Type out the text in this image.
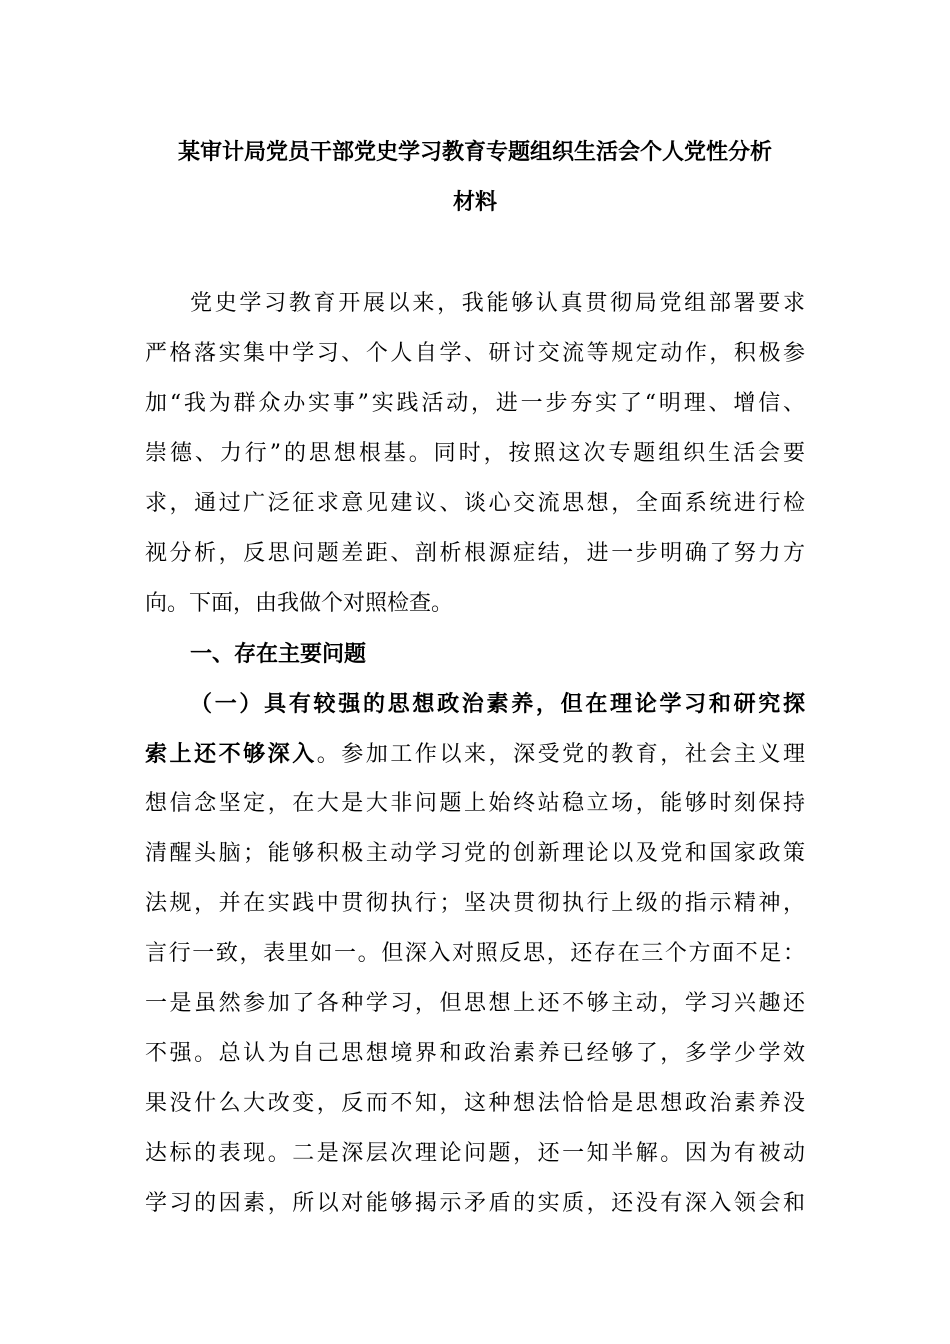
某审计局党员干部党史学习教育专题组织生活会个人党性分析
材料
党史学习教育开展以来，我能够认真贯彻局党组部署要求
严格落实集中学习、个人自学、研讨交流等规定动作，积极参
加“我为群众办实事”实践活动，进一步夯实了“明理、增信、
崇德、力行”的思想根基。同时，按照这次专题组织生活会要
求，通过广泛征求意见建议、谈心交流思想，全面系统进行检
视分析，反思问题差距、剖析根源症结，进一步明确了努力方
向。下面，由我做个对照检查。
一、存在主要问题
（一）具有较强的思想政治素养，但在理论学习和研究探
索上还不够深入。参加工作以来，深受党的教育，社会主义理
想信念坚定，在大是大非问题上始终站稳立场，能够时刻保持
清醒头脑；能够积极主动学习党的创新理论以及党和国家政策
法规，并在实践中贯彻执行；坚决贯彻执行上级的指示精神，
言行一致，表里如一。但深入对照反思，还存在三个方面不足：
一是虽然参加了各种学习，但思想上还不够主动，学习兴趣还
不强。总认为自己思想境界和政治素养已经够了，多学少学效
果没什么大改变，反而不知，这种想法恰恰是思想政治素养没
达标的表现。二是深层次理论问题，还一知半解。因为有被动
学习的因素，所以对能够揭示矛盾的实质，还没有深入领会和
